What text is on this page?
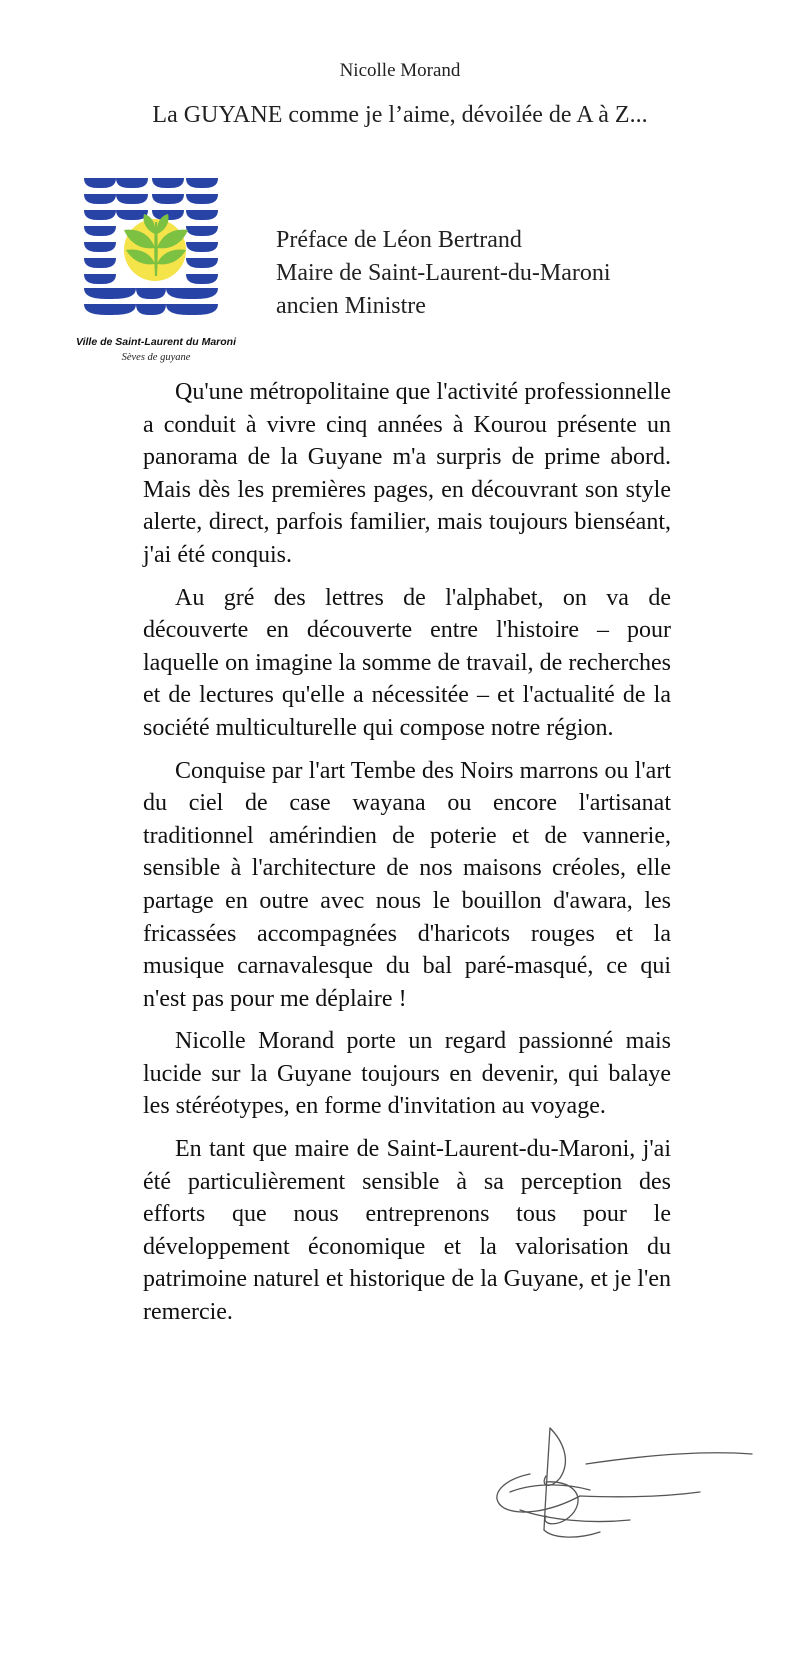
Nicolle Morand
La GUYANE comme je l’aime, dévoilée de A à Z...
Ville de Saint-Laurent du Maroni
Sèves de guyane
Préface de Léon Bertrand
Maire de Saint-Laurent-du-Maroni
ancien Ministre

Qu'une métropolitaine que l'activité professionnelle a conduit à vivre cinq années à Kourou présente un panorama de la Guyane m'a surpris de prime abord. Mais dès les premières pages, en découvrant son style alerte, direct, parfois familier, mais toujours bienséant, j'ai été conquis.

Au gré des lettres de l'alphabet, on va de découverte en découverte entre l'histoire – pour laquelle on imagine la somme de travail, de recherches et de lectures qu'elle a nécessitée – et l'actualité de la société multiculturelle qui compose notre région.

Conquise par l'art Tembe des Noirs marrons ou l'art du ciel de case wayana ou encore l'artisanat traditionnel amérindien de poterie et de vannerie, sensible à l'architecture de nos maisons créoles, elle partage en outre avec nous le bouillon d'awara, les fricassées accompagnées d'haricots rouges et la musique carnavalesque du bal paré-masqué, ce qui n'est pas pour me déplaire !

Nicolle Morand porte un regard passionné mais lucide sur la Guyane toujours en devenir, qui balaye les stéréotypes, en forme d'invitation au voyage.

En tant que maire de Saint-Laurent-du-Maroni, j'ai été particulièrement sensible à sa perception des efforts que nous entreprenons tous pour le développement économique et la valorisation du patrimoine naturel et historique de la Guyane, et je l'en remercie.
